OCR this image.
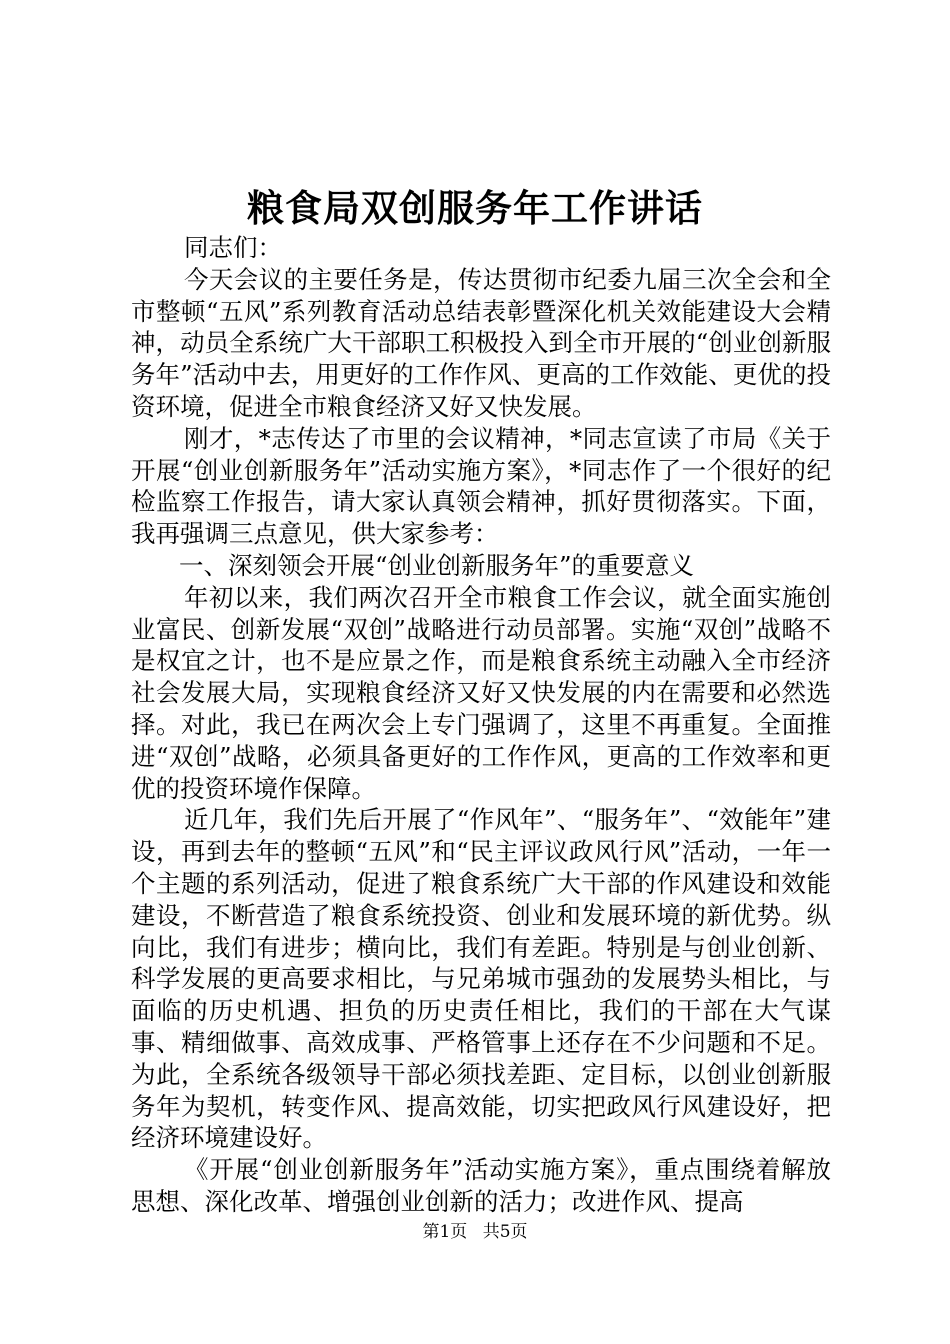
粮食局双创服务年工作讲话

同志们：

今天会议的主要任务是，传达贯彻市纪委九届三次全会和全市整顿“五风”系列教育活动总结表彰暨深化机关效能建设大会精神，动员全系统广大干部职工积极投入到全市开展的“创业创新服务年”活动中去，用更好的工作作风、更高的工作效能、更优的投资环境，促进全市粮食经济又好又快发展。

刚才，*志传达了市里的会议精神，*同志宣读了市局《关于开展“创业创新服务年”活动实施方案》，*同志作了一个很好的纪检监察工作报告，请大家认真领会精神，抓好贯彻落实。下面，我再强调三点意见，供大家参考：

一、深刻领会开展“创业创新服务年”的重要意义

年初以来，我们两次召开全市粮食工作会议，就全面实施创业富民、创新发展“双创”战略进行动员部署。实施“双创”战略不是权宜之计，也不是应景之作，而是粮食系统主动融入全市经济社会发展大局，实现粮食经济又好又快发展的内在需要和必然选择。对此，我已在两次会上专门强调了，这里不再重复。全面推进“双创”战略，必须具备更好的工作作风，更高的工作效率和更优的投资环境作保障。

近几年，我们先后开展了“作风年”、“服务年”、“效能年”建设，再到去年的整顿“五风”和“民主评议政风行风”活动，一年一个主题的系列活动，促进了粮食系统广大干部的作风建设和效能建设，不断营造了粮食系统投资、创业和发展环境的新优势。纵向比，我们有进步；横向比，我们有差距。特别是与创业创新、科学发展的更高要求相比，与兄弟城市强劲的发展势头相比，与面临的历史机遇、担负的历史责任相比，我们的干部在大气谋事、精细做事、高效成事、严格管事上还存在不少问题和不足。为此，全系统各级领导干部必须找差距、定目标，以创业创新服务年为契机，转变作风、提高效能，切实把政风行风建设好，把经济环境建设好。

《开展“创业创新服务年”活动实施方案》，重点围绕着解放思想、深化改革、增强创业创新的活力；改进作风、提高

第1页 共5页
